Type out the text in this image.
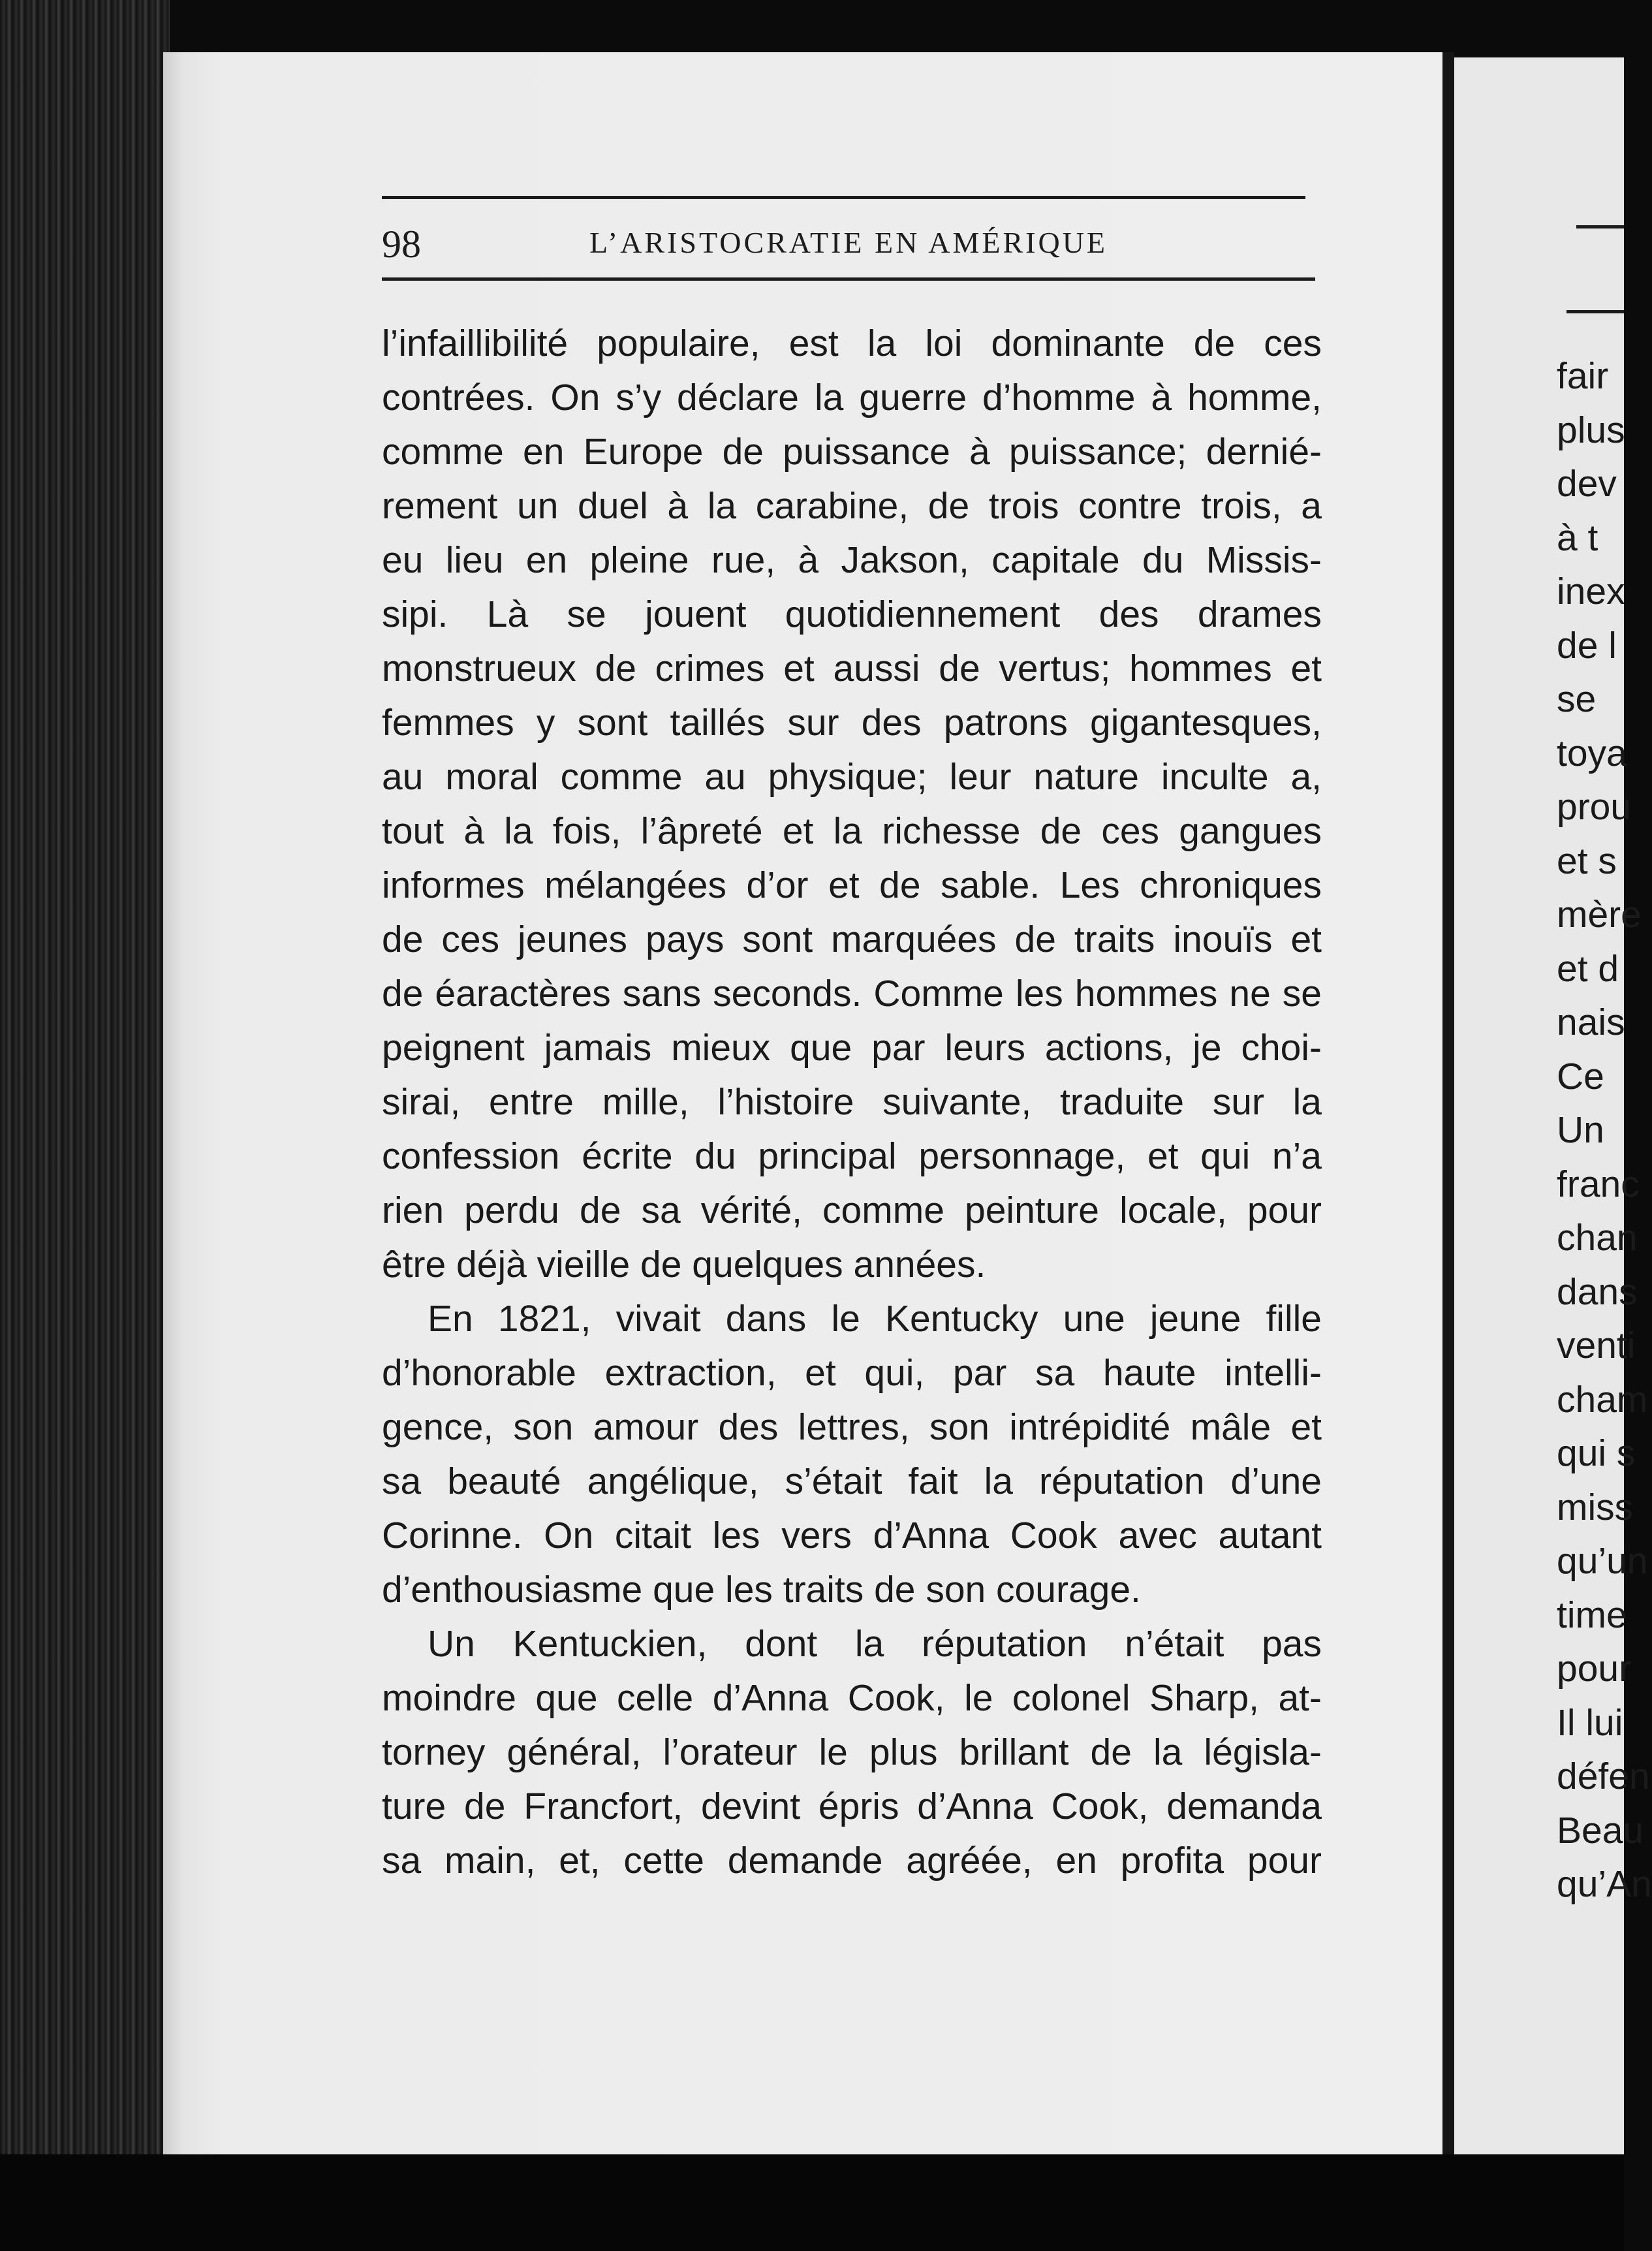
98	L’ARISTOCRATIE EN AMÉRIQUE
l’infaillibilité populaire, est la loi dominante de ces
contrées. On s’y déclare la guerre d’homme à homme,
comme en Europe de puissance à puissance; dernié-
rement un duel à la carabine, de trois contre trois, a
eu lieu en pleine rue, à Jakson, capitale du Missis-
sipi. Là se jouent quotidiennement des drames
monstrueux de crimes et aussi de vertus; hommes et
femmes y sont taillés sur des patrons gigantesques,
au moral comme au physique; leur nature inculte a,
tout à la fois, l’âpreté et la richesse de ces gangues
informes mélangées d’or et de sable. Les chroniques
de ces jeunes pays sont marquées de traits inouïs et
de éaractères sans seconds. Comme les hommes ne se
peignent jamais mieux que par leurs actions, je choi-
sirai, entre mille, l’histoire suivante, traduite sur la
confession écrite du principal personnage, et qui n’a
rien perdu de sa vérité, comme peinture locale, pour
être déjà vieille de quelques années.
En 1821, vivait dans le Kentucky une jeune fille
d’honorable extraction, et qui, par sa haute intelli-
gence, son amour des lettres, son intrépidité mâle et
sa beauté angélique, s’était fait la réputation d’une
Corinne. On citait les vers d’Anna Cook avec autant
d’enthousiasme que les traits de son courage.
Un Kentuckien, dont la réputation n’était pas
moindre que celle d’Anna Cook, le colonel Sharp, at-
torney général, l’orateur le plus brillant de la législa-
ture de Francfort, devint épris d’Anna Cook, demanda
sa main, et, cette demande agréée, en profita pour
fair
plus
dev
à t
inex
de l
se
toya
prou
et s
mère
et d
nais
Ce
Un
franc
chan
dans
venti
cham
qui s
miss
qu’un
time
pour
Il lui
défen
Beau
qu’An
